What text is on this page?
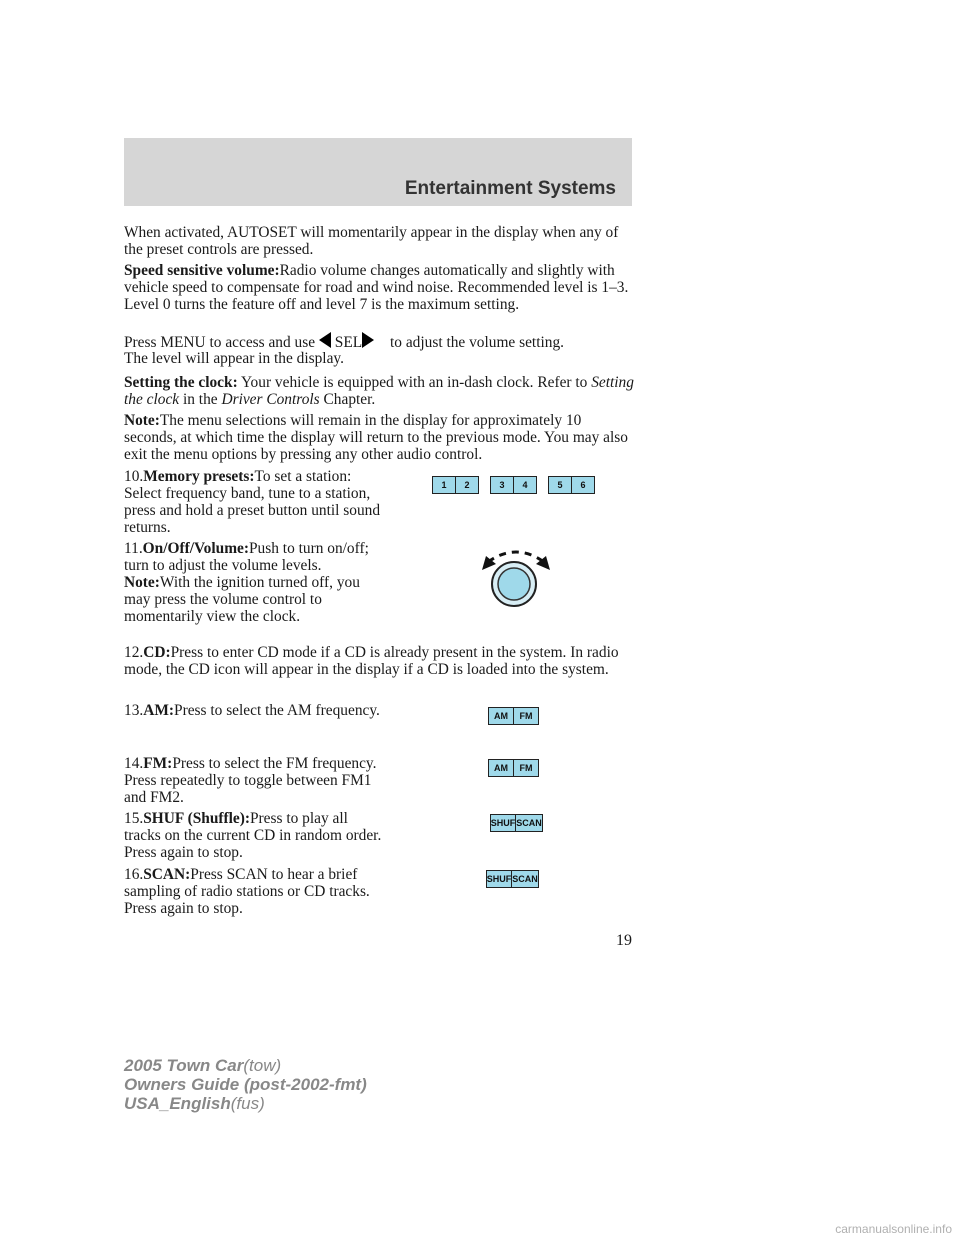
Entertainment Systems
When activated, AUTOSET will momentarily appear in the display when any of the preset controls are pressed.
Speed sensitive volume:Radio volume changes automatically and slightly with vehicle speed to compensate for road and wind noise. Recommended level is 1–3. Level 0 turns the feature off and level 7 is the maximum setting.
Press MENU to access and use SEL to adjust the volume setting.
The level will appear in the display.
Setting the clock: Your vehicle is equipped with an in-dash clock. Refer to Setting the clock in the Driver Controls Chapter.
Note:The menu selections will remain in the display for approximately 10 seconds, at which time the display will return to the previous mode. You may also exit the menu options by pressing any other audio control.
10.Memory presets:To set a station: Select frequency band, tune to a station, press and hold a preset button until sound returns.
1	2	3	4	5	6
11.On/Off/Volume:Push to turn on/off; turn to adjust the volume levels.
Note:With the ignition turned off, you may press the volume control to momentarily view the clock.
12.CD:Press to enter CD mode if a CD is already present in the system. In radio mode, the CD icon will appear in the display if a CD is loaded into the system.
13.AM:Press to select the AM frequency.	AM	FM
14.FM:Press to select the FM frequency. Press repeatedly to toggle between FM1 and FM2.
AM	FM
15.SHUF (Shuffle):Press to play all tracks on the current CD in random order. Press again to stop.
SHUF SCAN
16.SCAN:Press SCAN to hear a brief sampling of radio stations or CD tracks. Press again to stop.
SHUF SCAN
19
2005 Town Car(tow)
Owners Guide (post-2002-fmt)
USA_English(fus)
carmanualsonline.info
